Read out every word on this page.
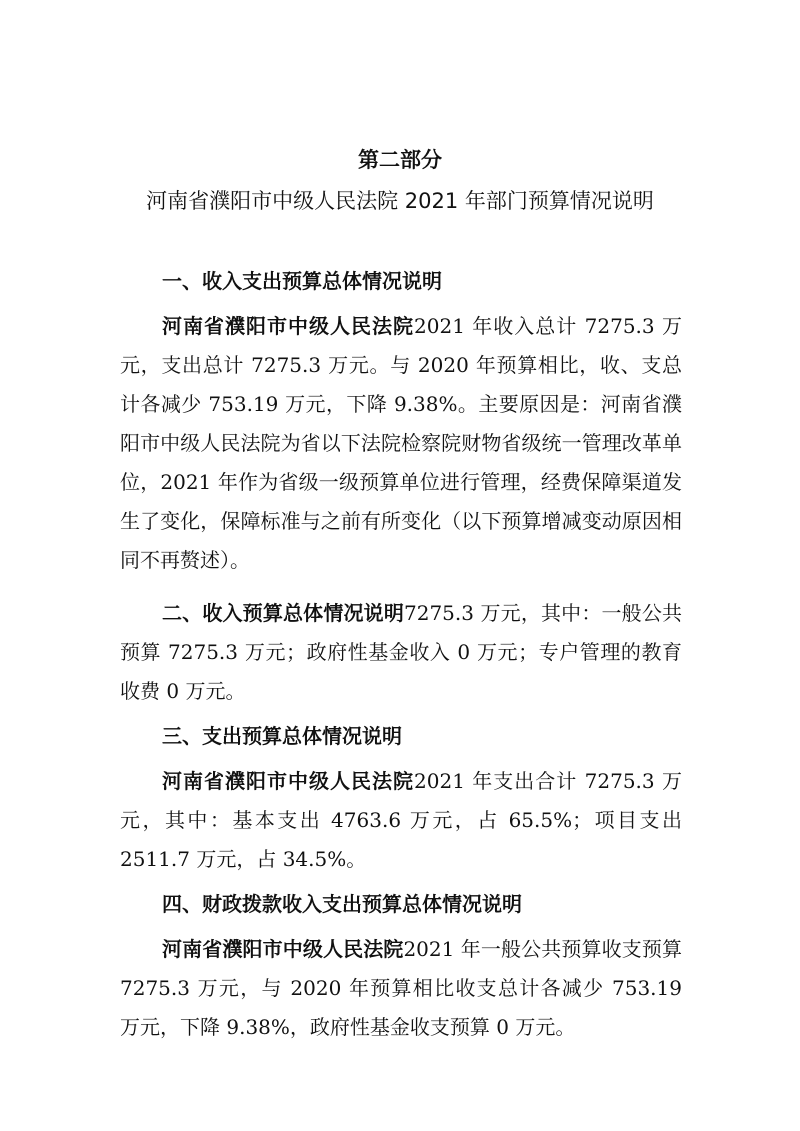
第二部分
河南省濮阳市中级人民法院 2021 年部门预算情况说明

一、收入支出预算总体情况说明

河南省濮阳市中级人民法院2021 年收入总计 7275.3 万元，支出总计 7275.3 万元。与 2020 年预算相比，收、支总计各减少 753.19 万元，下降 9.38%。主要原因是：河南省濮阳市中级人民法院为省以下法院检察院财物省级统一管理改革单位，2021 年作为省级一级预算单位进行管理，经费保障渠道发生了变化，保障标准与之前有所变化（以下预算增减变动原因相同不再赘述）。

二、收入预算总体情况说明7275.3 万元，其中：一般公共预算 7275.3 万元；政府性基金收入 0 万元；专户管理的教育收费 0 万元。

三、支出预算总体情况说明

河南省濮阳市中级人民法院2021 年支出合计 7275.3 万元，其中：基本支出 4763.6 万元，占 65.5%；项目支出 2511.7 万元，占 34.5%。

四、财政拨款收入支出预算总体情况说明

河南省濮阳市中级人民法院2021 年一般公共预算收支预算 7275.3 万元，与 2020 年预算相比收支总计各减少 753.19 万元，下降 9.38%，政府性基金收支预算 0 万元。
